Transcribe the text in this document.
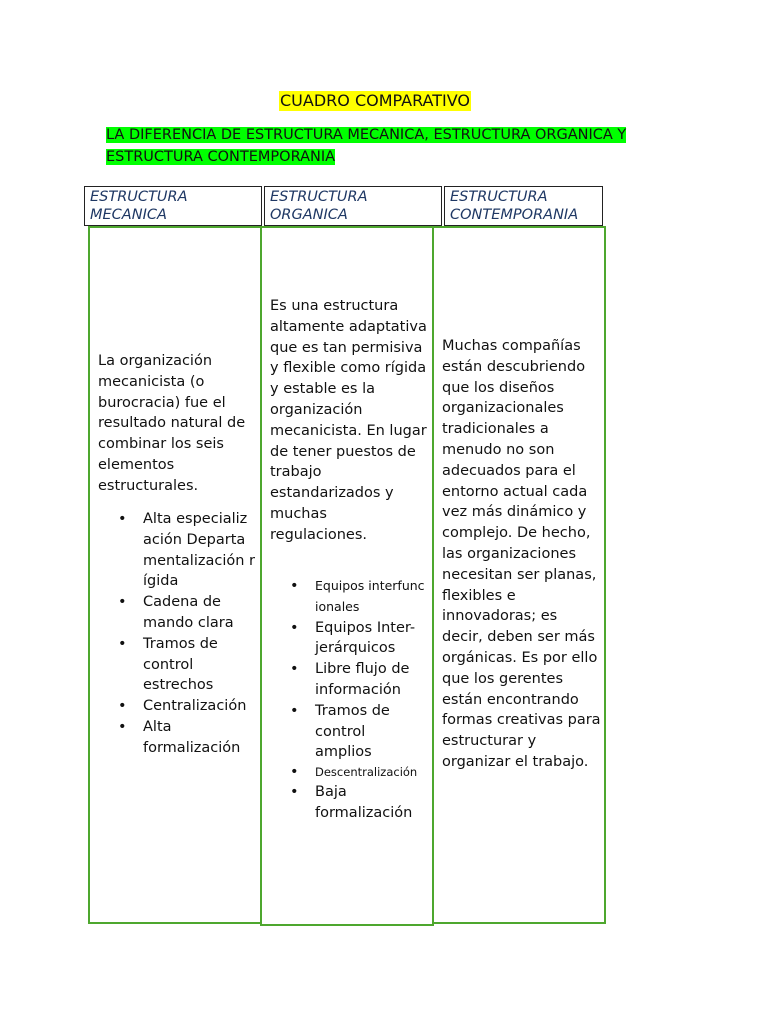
CUADRO COMPARATIVO
LA DIFERENCIA DE ESTRUCTURA MECANICA, ESTRUCTURA ORGANICA Y ESTRUCTURA CONTEMPORANIA
ESTRUCTURA MECANICA
ESTRUCTURA ORGANICA
ESTRUCTURA CONTEMPORANIA

La organización mecanicista (o burocracia) fue el resultado natural de combinar los seis elementos estructurales.

• Alta especialización Departamentalización rígida
• Cadena de mando clara
• Tramos de control estrechos
• Centralización
• Alta formalización

Es una estructura altamente adaptativa que es tan permisiva y flexible como rígida y estable es la organización mecanicista. En lugar de tener puestos de trabajo estandarizados y muchas regulaciones.

• Equipos interfuncionales
• Equipos Inter-jerárquicos
• Libre flujo de información
• Tramos de control amplios
• Descentralización
• Baja formalización

Muchas compañías están descubriendo que los diseños organizacionales tradicionales a menudo no son adecuados para el entorno actual cada vez más dinámico y complejo. De hecho, las organizaciones necesitan ser planas, flexibles e innovadoras; es decir, deben ser más orgánicas. Es por ello que los gerentes están encontrando formas creativas para estructurar y organizar el trabajo.
